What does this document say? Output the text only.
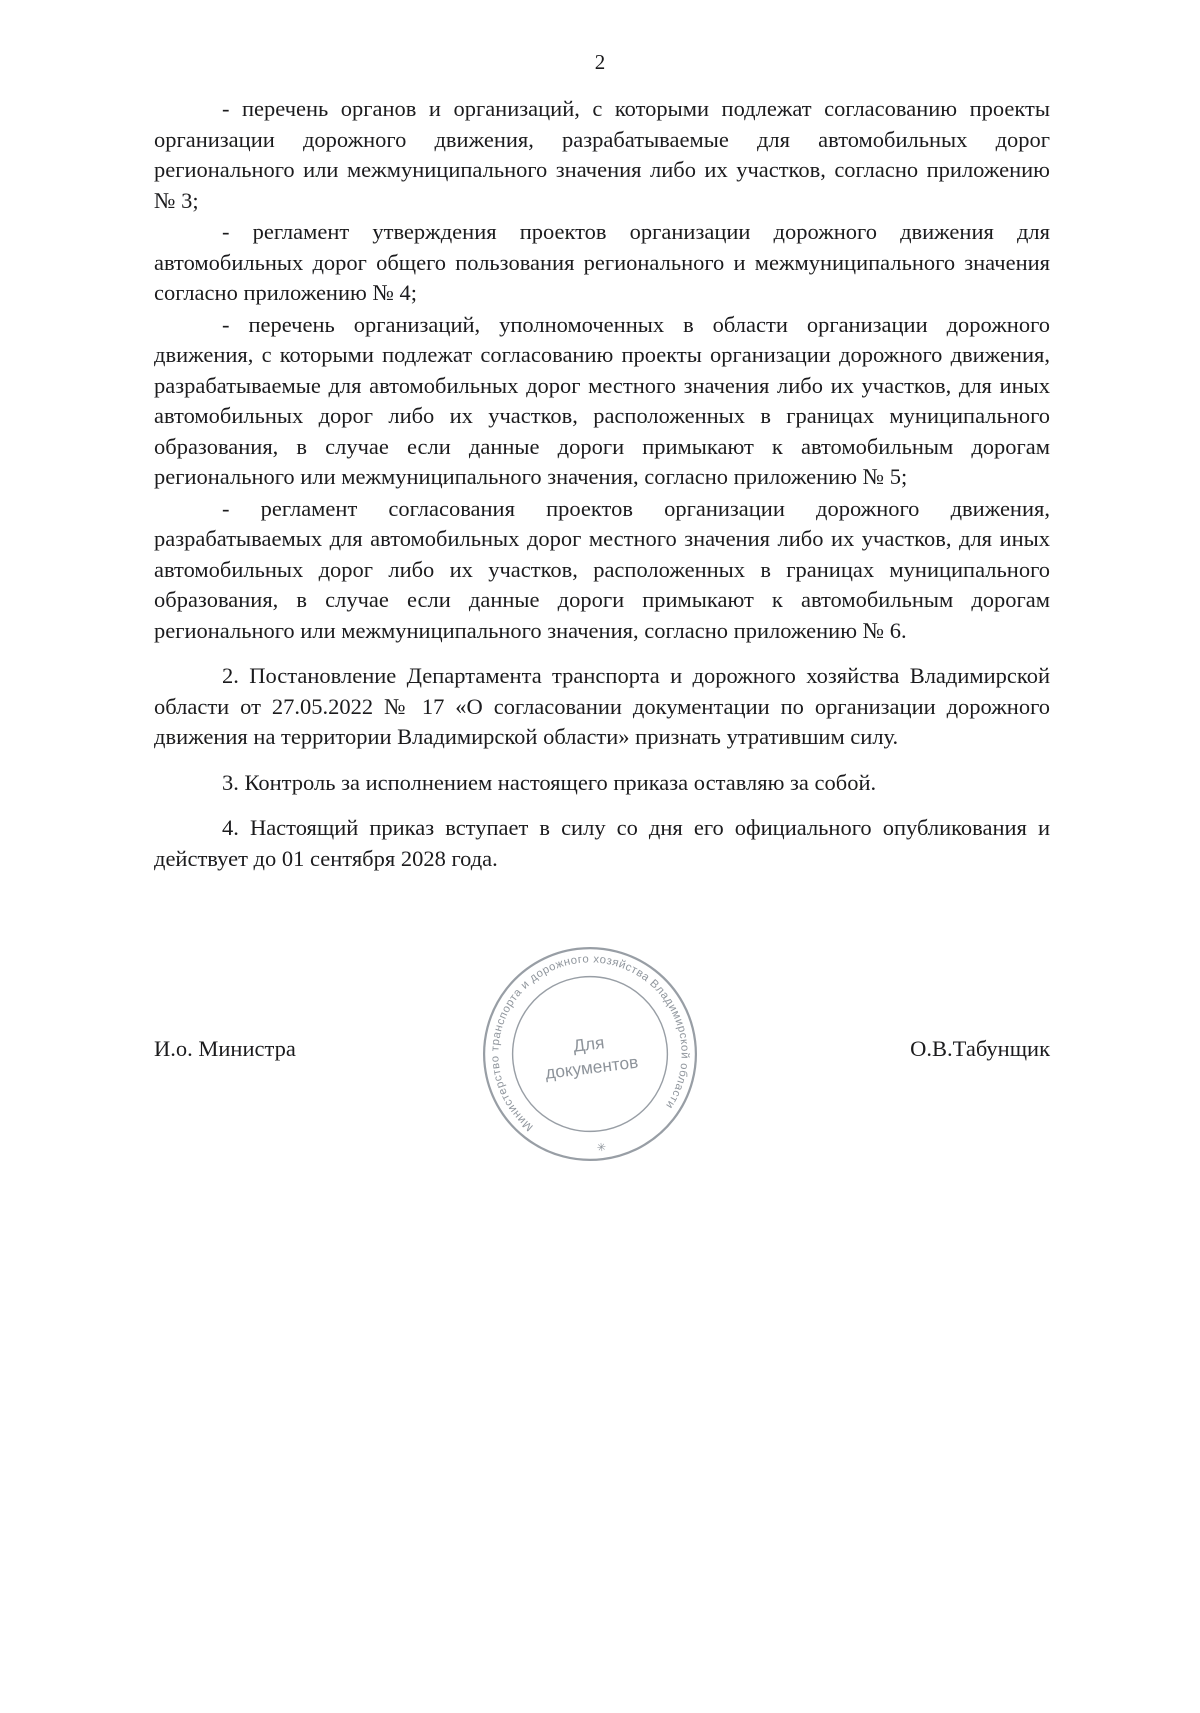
2

- перечень органов и организаций, с которыми подлежат согласованию проекты организации дорожного движения, разрабатываемые для автомобильных дорог регионального или межмуниципального значения либо их участков, согласно приложению № 3;

- регламент утверждения проектов организации дорожного движения для автомобильных дорог общего пользования регионального и межмуниципального значения согласно приложению № 4;

- перечень организаций, уполномоченных в области организации дорожного движения, с которыми подлежат согласованию проекты организации дорожного движения, разрабатываемые для автомобильных дорог местного значения либо их участков, для иных автомобильных дорог либо их участков, расположенных в границах муниципального образования, в случае если данные дороги примыкают к автомобильным дорогам регионального или межмуниципального значения, согласно приложению № 5;

- регламент согласования проектов организации дорожного движения, разрабатываемых для автомобильных дорог местного значения либо их участков, для иных автомобильных дорог либо их участков, расположенных в границах муниципального образования, в случае если данные дороги примыкают к автомобильным дорогам регионального или межмуниципального значения, согласно приложению № 6.

2. Постановление Департамента транспорта и дорожного хозяйства Владимирской области от 27.05.2022 № 17 «О согласовании документации по организации дорожного движения на территории Владимирской области» признать утратившим силу.

3. Контроль за исполнением настоящего приказа оставляю за собой.

4. Настоящий приказ вступает в силу со дня его официального опубликования и действует до 01 сентября 2028 года.

И.о. Министра	О.В.Табунщик
Министерство транспорта и дорожного хозяйства Владимирской области
✳
Для
документов
